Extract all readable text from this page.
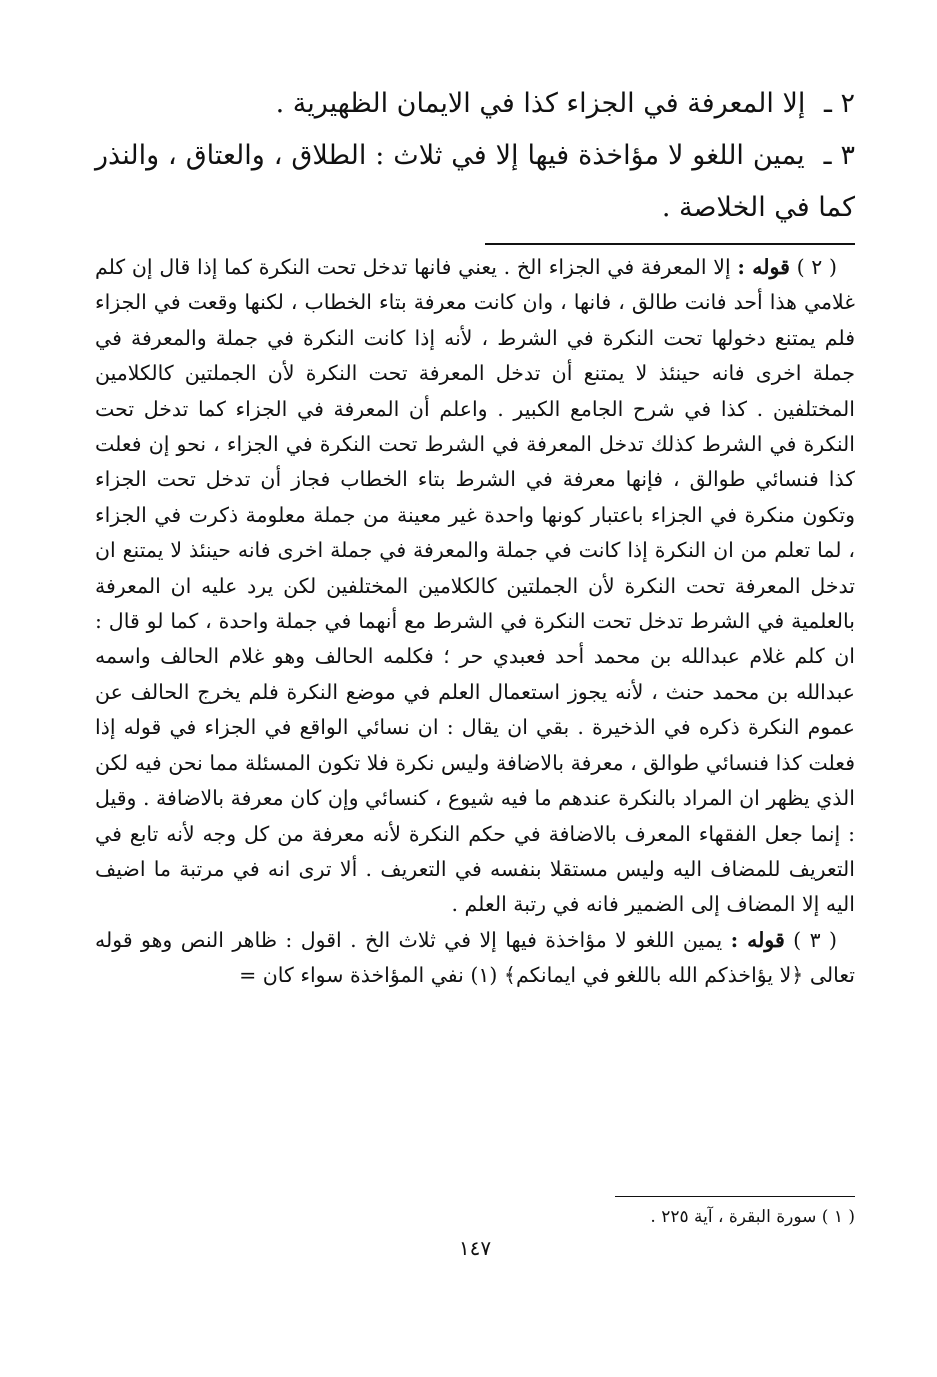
٢ ـ إلا المعرفة في الجزاء كذا في الايمان الظهيرية .

٣ ـ يمين اللغو لا مؤاخذة فيها إلا في ثلاث : الطلاق ، والعتاق ، والنذر كما في الخلاصة .

( ٢ ) قوله : إلا المعرفة في الجزاء الخ . يعني فانها تدخل تحت النكرة كما إذا قال إن كلم غلامي هذا أحد فانت طالق ، فانها ، وان كانت معرفة بتاء الخطاب ، لكنها وقعت في الجزاء فلم يمتنع دخولها تحت النكرة في الشرط ، لأنه إذا كانت النكرة في جملة والمعرفة في جملة اخرى فانه حينئذ لا يمتنع أن تدخل المعرفة تحت النكرة لأن الجملتين كالكلامين المختلفين . كذا في شرح الجامع الكبير . واعلم أن المعرفة في الجزاء كما تدخل تحت النكرة في الشرط كذلك تدخل المعرفة في الشرط تحت النكرة في الجزاء ، نحو إن فعلت كذا فنسائي طوالق ، فإنها معرفة في الشرط بتاء الخطاب فجاز أن تدخل تحت الجزاء وتكون منكرة في الجزاء باعتبار كونها واحدة غير معينة من جملة معلومة ذكرت في الجزاء ، لما تعلم من ان النكرة إذا كانت في جملة والمعرفة في جملة اخرى فانه حينئذ لا يمتنع ان تدخل المعرفة تحت النكرة لأن الجملتين كالكلامين المختلفين لكن يرد عليه ان المعرفة بالعلمية في الشرط تدخل تحت النكرة في الشرط مع أنهما في جملة واحدة ، كما لو قال : ان كلم غلام عبدالله بن محمد أحد فعبدي حر ؛ فكلمه الحالف وهو غلام الحالف واسمه عبدالله بن محمد حنث ، لأنه يجوز استعمال العلم في موضع النكرة فلم يخرج الحالف عن عموم النكرة ذكره في الذخيرة . بقي ان يقال : ان نسائي الواقع في الجزاء في قوله إذا فعلت كذا فنسائي طوالق ، معرفة بالاضافة وليس نكرة فلا تكون المسئلة مما نحن فيه لكن الذي يظهر ان المراد بالنكرة عندهم ما فيه شيوع ، كنسائي وإن كان معرفة بالاضافة . وقيل : إنما جعل الفقهاء المعرف بالاضافة في حكم النكرة لأنه معرفة من كل وجه لأنه تابع في التعريف للمضاف اليه وليس مستقلا بنفسه في التعريف . ألا ترى انه في مرتبة ما اضيف اليه إلا المضاف إلى الضمير فانه في رتبة العلم .

( ٣ ) قوله : يمين اللغو لا مؤاخذة فيها إلا في ثلاث الخ . اقول : ظاهر النص وهو قوله تعالى ﴿لا يؤاخذكم الله باللغو في ايمانكم﴾ (١) نفي المؤاخذة سواء كان =

( ١ ) سورة البقرة ، آية ٢٢٥ .
١٤٧
